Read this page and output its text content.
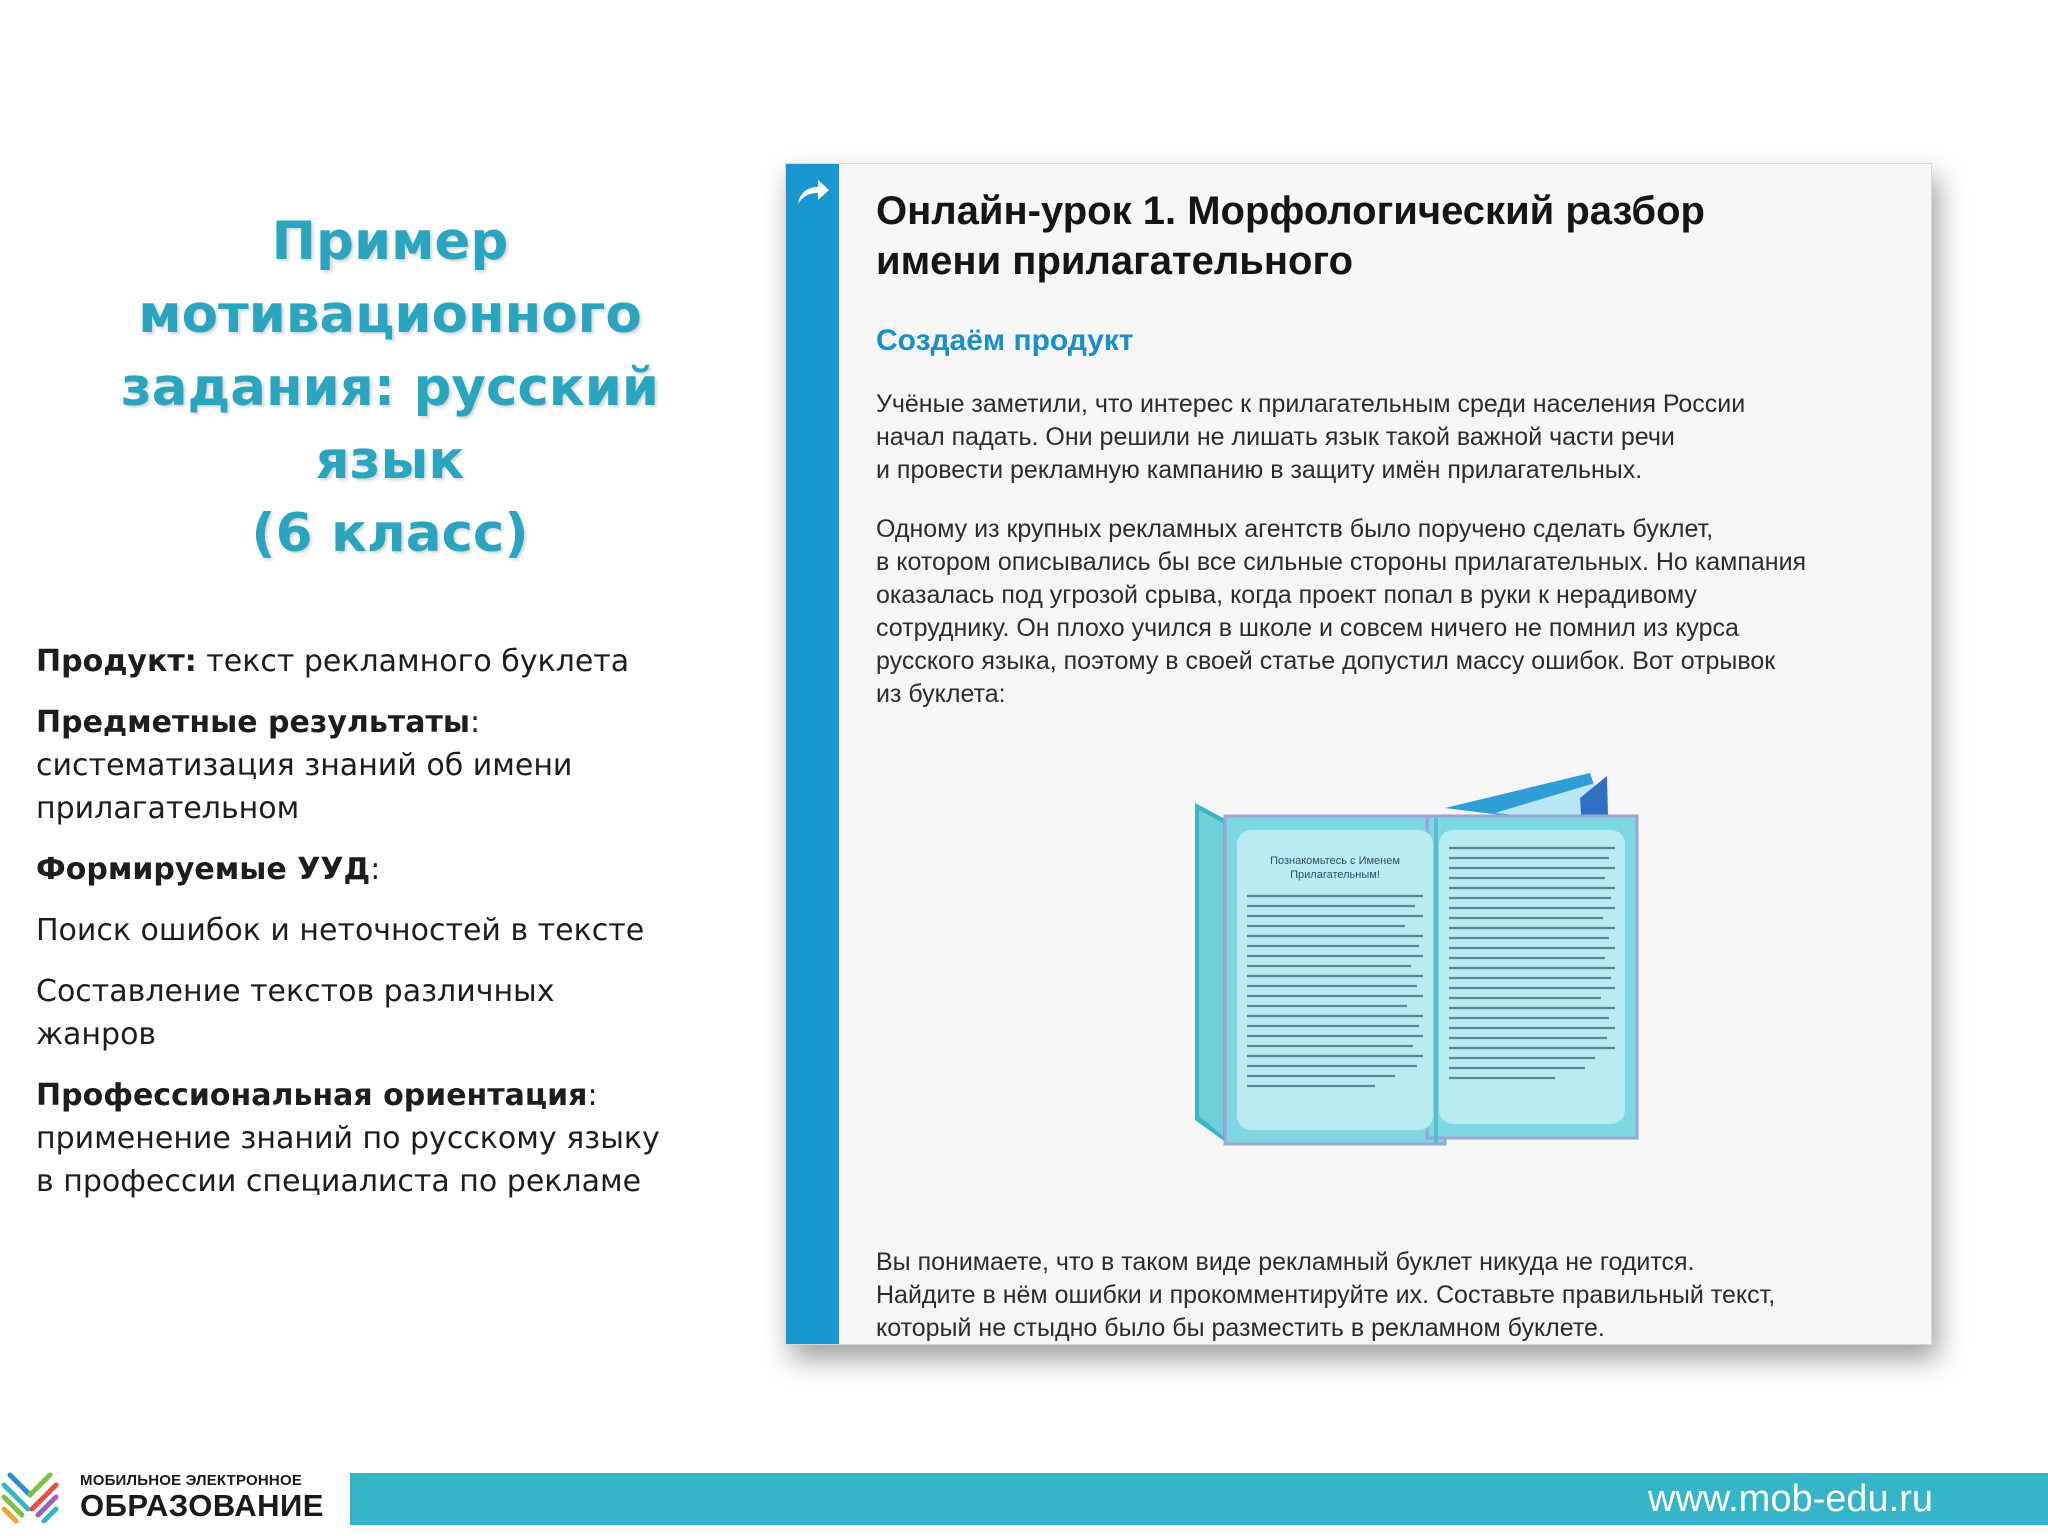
Пример
мотивационного
задания: русский
язык
(6 класс)

Продукт: текст рекламного буклета

Предметные результаты:
систематизация знаний об имени прилагательном

Формируемые УУД:

Поиск ошибок и неточностей в тексте

Составление текстов различных жанров

Профессиональная ориентация:
применение знаний по русскому языку в профессии специалиста по рекламе

Онлайн-урок 1. Морфологический разбор
имени прилагательного
Создаём продукт

Учёные заметили, что интерес к прилагательным среди населения России
начал падать. Они решили не лишать язык такой важной части речи
и провести рекламную кампанию в защиту имён прилагательных.

Одному из крупных рекламных агентств было поручено сделать буклет,
в котором описывались бы все сильные стороны прилагательных. Но кампания
оказалась под угрозой срыва, когда проект попал в руки к нерадивому
сотруднику. Он плохо учился в школе и совсем ничего не помнил из курса
русского языка, поэтому в своей статье допустил массу ошибок. Вот отрывок
из буклета:

Вы понимаете, что в таком виде рекламный буклет никуда не годится.
Найдите в нём ошибки и прокомментируйте их. Составьте правильный текст,
который не стыдно было бы разместить в рекламном буклете.

Познакомьтесь с Именем
Прилагательным!
МОБИЛЬНОЕ ЭЛЕКТРОННОЕ
ОБРАЗОВАНИЕ	www.mob-edu.ru
